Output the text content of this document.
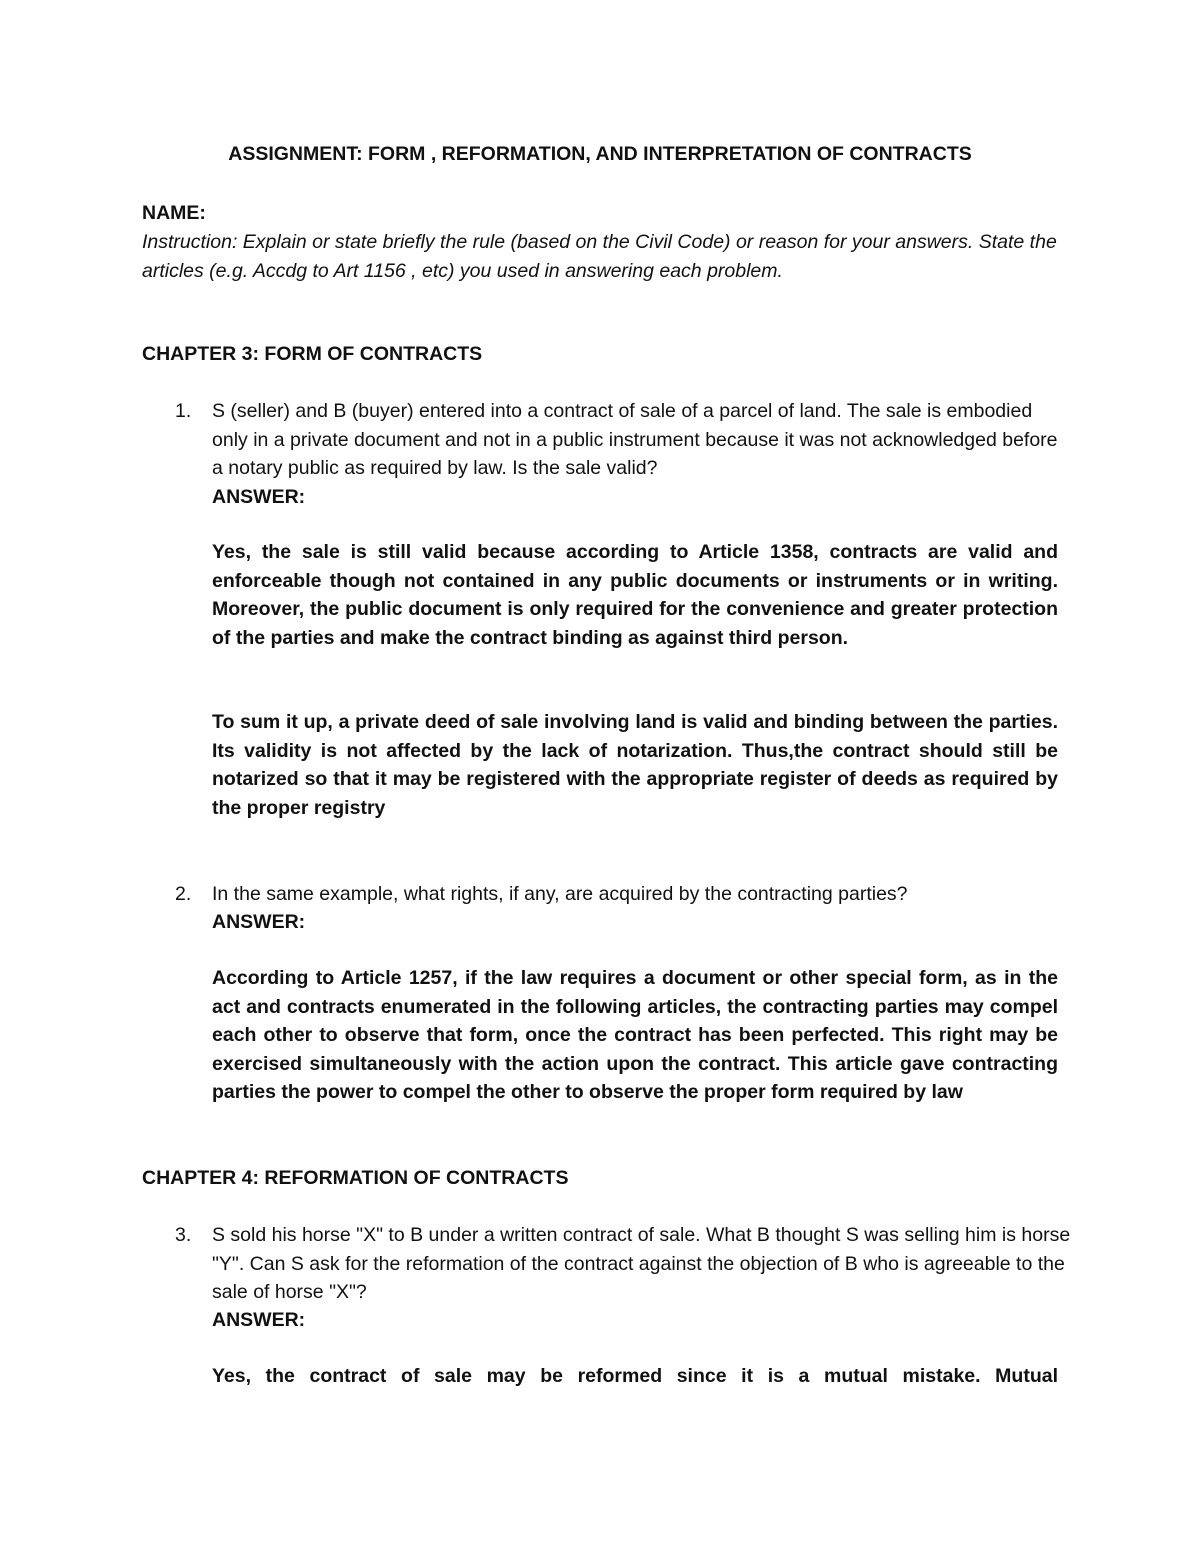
ASSIGNMENT: FORM , REFORMATION, AND INTERPRETATION OF CONTRACTS
NAME:
Instruction: Explain or state briefly the rule (based on the Civil Code) or reason for your answers. State the articles (e.g. Accdg to Art 1156 , etc) you used in answering each problem.
CHAPTER 3: FORM OF CONTRACTS
1. S (seller) and B (buyer) entered into a contract of sale of a parcel of land. The sale is embodied only in a private document and not in a public instrument because it was not acknowledged before a notary public as required by law. Is the sale valid?
ANSWER:
Yes, the sale is still valid because according to Article 1358, contracts are valid and enforceable though not contained in any public documents or instruments or in writing. Moreover, the public document is only required for the convenience and greater protection of the parties and make the contract binding as against third person.
To sum it up, a private deed of sale involving land is valid and binding between the parties. Its validity is not affected by the lack of notarization. Thus,the contract should still be notarized so that it may be registered with the appropriate register of deeds as required by the proper registry
2. In the same example, what rights, if any, are acquired by the contracting parties?
ANSWER:
According to Article 1257, if the law requires a document or other special form, as in the act and contracts enumerated in the following articles, the contracting parties may compel each other to observe that form, once the contract has been perfected. This right may be exercised simultaneously with the action upon the contract. This article gave contracting parties the power to compel the other to observe the proper form required by law
CHAPTER 4: REFORMATION OF CONTRACTS
3. S sold his horse "X" to B under a written contract of sale. What B thought S was selling him is horse "Y". Can S ask for the reformation of the contract against the objection of B who is agreeable to the sale of horse "X"?
ANSWER:
Yes, the contract of sale may be reformed since it is a mutual mistake. Mutual
